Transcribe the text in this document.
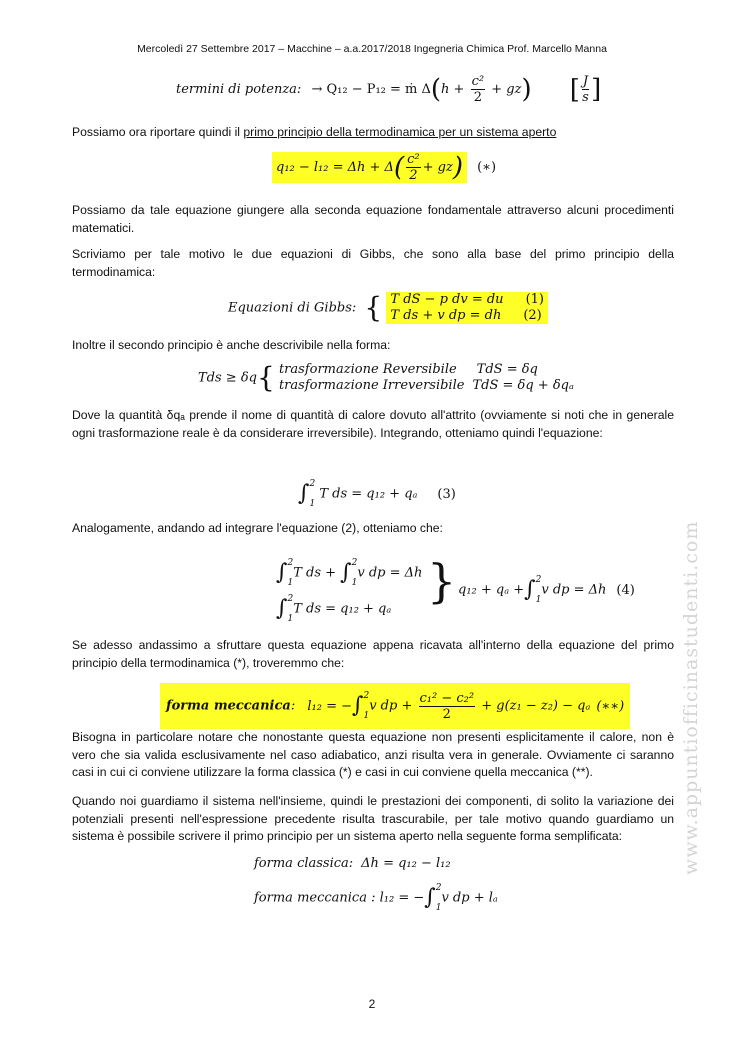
Mercoledì 27 Settembre 2017 – Macchine – a.a.2017/2018 Ingegneria Chimica Prof. Marcello Manna
termini di potenza: → Q₁₂ − P₁₂ = ṁ $\Delta(h + \frac{\text{c²}}{2} + gz)$ [ $\frac{J}{s}$ ]
Possiamo ora riportare quindi il primo principio della termodinamica per un sistema aperto
$q_{12} - l_{12} = \Delta h + \Delta( \frac{\text{c²}}{2} + gz)$ (∗)
Possiamo da tale equazione giungere alla seconda equazione fondamentale attraverso alcuni procedimenti matematici.
Scriviamo per tale motivo le due equazioni di Gibbs, che sono alla base del primo principio della termodinamica:
Equazioni di Gibbs: { T dS − p dv = du (1)
T ds + v dp = dh (2)
Inoltre il secondo principio è anche descrivibile nella forma:
Tds ≥ δq{ trasformazione Reversibile TdS = δq
trasformazione Irreversibile TdS = δq + δqₐ
Dove la quantità δqₐ prende il nome di quantità di calore dovuto all'attrito (ovviamente si noti che in generale ogni trasformazione reale è da considerare irreversibile). Integrando, otteniamo quindi l'equazione:
∫ 2
1
T ds = q₁₂ + qₐ (3)
Analogamente, andando ad integrare l'equazione (2), otteniamo che:
∫ 2
1
T ds + ∫ 2
1
v dp = Δh
∫ 2
1
T ds = q₁₂ + qₐ
} q₁₂ + qₐ +∫ 2
1
v dp = Δh (4)
Se adesso andassimo a sfruttare questa equazione appena ricavata all'interno della equazione del primo principio della termodinamica (*), troveremmo che:
forma meccanica: l₁₂ = −∫ 2
1
v dp + $\frac{\text{c₁² − c₂²}}{2} + g(z_1 - z_2) - q_a$ (∗∗)
Bisogna in particolare notare che nonostante questa equazione non presenti esplicitamente il calore, non è vero che sia valida esclusivamente nel caso adiabatico, anzi risulta vera in generale. Ovviamente ci saranno casi in cui ci conviene utilizzare la forma classica (*) e casi in cui conviene quella meccanica (**).
Quando noi guardiamo il sistema nell'insieme, quindi le prestazioni dei componenti, di solito la variazione dei potenziali presenti nell'espressione precedente risulta trascurabile, per tale motivo quando guardiamo un sistema è possibile scrivere il primo principio per un sistema aperto nella seguente forma semplificata:
forma classica: Δh = q₁₂ − l₁₂
forma meccanica : l₁₂ = −∫ 2
1
v dp + lₐ
www.appuntiofficinastudenti.com
2
